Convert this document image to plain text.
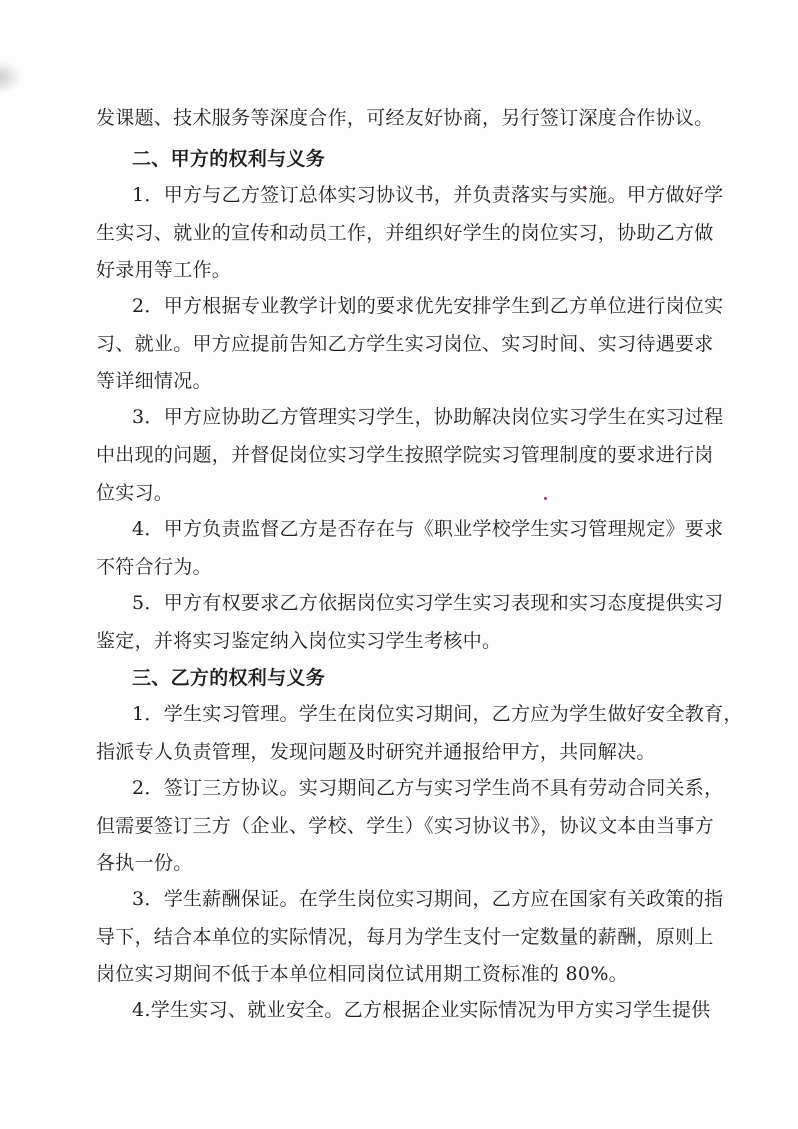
发课题、技术服务等深度合作，可经友好协商，另行签订深度合作协议。

二、甲方的权利与义务

1．甲方与乙方签订总体实习协议书，并负责落实与实施。甲方做好学

生实习、就业的宣传和动员工作，并组织好学生的岗位实习，协助乙方做

好录用等工作。

2．甲方根据专业教学计划的要求优先安排学生到乙方单位进行岗位实

习、就业。甲方应提前告知乙方学生实习岗位、实习时间、实习待遇要求

等详细情况。

3．甲方应协助乙方管理实习学生，协助解决岗位实习学生在实习过程

中出现的问题，并督促岗位实习学生按照学院实习管理制度的要求进行岗

位实习。

4．甲方负责监督乙方是否存在与《职业学校学生实习管理规定》要求

不符合行为。

5．甲方有权要求乙方依据岗位实习学生实习表现和实习态度提供实习

鉴定，并将实习鉴定纳入岗位实习学生考核中。

三、乙方的权利与义务

1．学生实习管理。学生在岗位实习期间，乙方应为学生做好安全教育，

指派专人负责管理，发现问题及时研究并通报给甲方，共同解决。

2．签订三方协议。实习期间乙方与实习学生尚不具有劳动合同关系，

但需要签订三方（企业、学校、学生）《实习协议书》，协议文本由当事方

各执一份。

3．学生薪酬保证。在学生岗位实习期间，乙方应在国家有关政策的指

导下，结合本单位的实际情况，每月为学生支付一定数量的薪酬，原则上

岗位实习期间不低于本单位相同岗位试用期工资标准的 80%。

4.学生实习、就业安全。乙方根据企业实际情况为甲方实习学生提供
